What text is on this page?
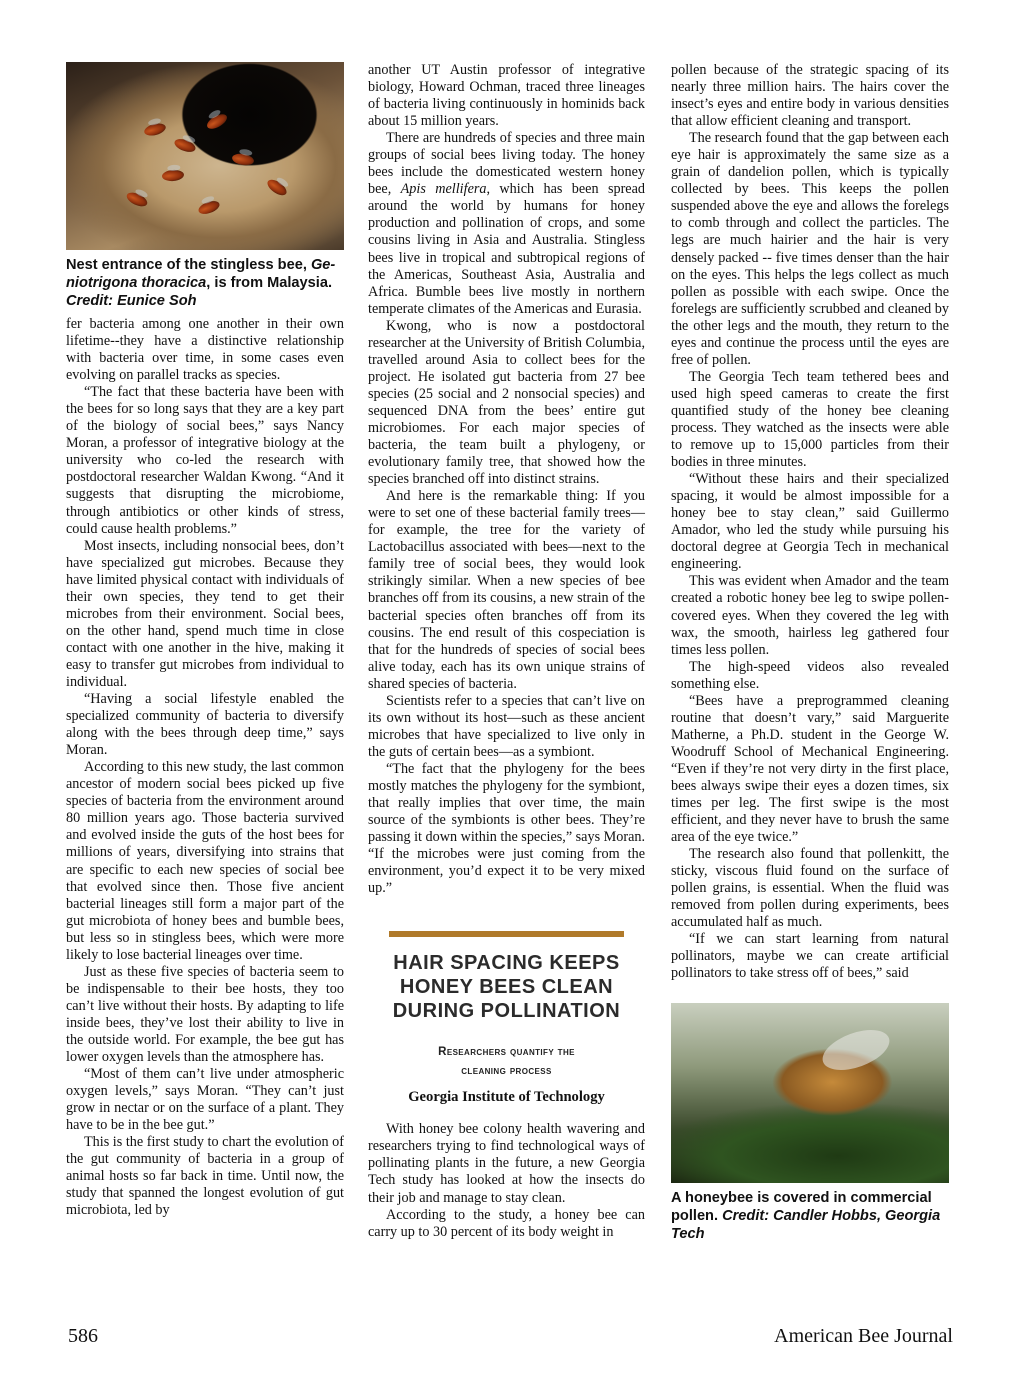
Nest entrance of the stingless bee, Ge-niotrigona thoracica, is from Malaysia. Credit: Eunice Soh

fer bacteria among one another in their own lifetime--they have a distinctive relationship with bacteria over time, in some cases even evolving on parallel tracks as species.

“The fact that these bacteria have been with the bees for so long says that they are a key part of the biology of social bees,” says Nancy Moran, a professor of integrative biology at the university who co-led the research with postdoctoral researcher Waldan Kwong. “And it suggests that disrupting the microbiome, through antibiotics or other kinds of stress, could cause health problems.”

Most insects, including nonsocial bees, don’t have specialized gut microbes. Because they have limited physical contact with individuals of their own species, they tend to get their microbes from their environment. Social bees, on the other hand, spend much time in close contact with one another in the hive, making it easy to transfer gut microbes from individual to individual.

“Having a social lifestyle enabled the specialized community of bacteria to diversify along with the bees through deep time,” says Moran.

According to this new study, the last common ancestor of modern social bees picked up five species of bacteria from the environment around 80 million years ago. Those bacteria survived and evolved inside the guts of the host bees for millions of years, diversifying into strains that are specific to each new species of social bee that evolved since then. Those five ancient bacterial lineages still form a major part of the gut microbiota of honey bees and bumble bees, but less so in stingless bees, which were more likely to lose bacterial lineages over time.

Just as these five species of bacteria seem to be indispensable to their bee hosts, they too can’t live without their hosts. By adapting to life inside bees, they’ve lost their ability to live in the outside world. For example, the bee gut has lower oxygen levels than the atmosphere has.

“Most of them can’t live under atmospheric oxygen levels,” says Moran. “They can’t just grow in nectar or on the surface of a plant. They have to be in the bee gut.”

This is the first study to chart the evolution of the gut community of bacteria in a group of animal hosts so far back in time. Until now, the study that spanned the longest evolution of gut microbiota, led by

another UT Austin professor of integrative biology, Howard Ochman, traced three lineages of bacteria living continuously in hominids back about 15 million years.

There are hundreds of species and three main groups of social bees living today. The honey bees include the domesticated western honey bee, Apis mellifera, which has been spread around the world by humans for honey production and pollination of crops, and some cousins living in Asia and Australia. Stingless bees live in tropical and subtropical regions of the Americas, Southeast Asia, Australia and Africa. Bumble bees live mostly in northern temperate climates of the Americas and Eurasia.

Kwong, who is now a postdoctoral researcher at the University of British Columbia, travelled around Asia to collect bees for the project. He isolated gut bacteria from 27 bee species (25 social and 2 nonsocial species) and sequenced DNA from the bees’ entire gut microbiomes. For each major species of bacteria, the team built a phylogeny, or evolutionary family tree, that showed how the species branched off into distinct strains.

And here is the remarkable thing: If you were to set one of these bacterial family trees—for example, the tree for the variety of Lactobacillus associated with bees—next to the family tree of social bees, they would look strikingly similar. When a new species of bee branches off from its cousins, a new strain of the bacterial species often branches off from its cousins. The end result of this cospeciation is that for the hundreds of species of social bees alive today, each has its own unique strains of shared species of bacteria.

Scientists refer to a species that can’t live on its own without its host—such as these ancient microbes that have specialized to live only in the guts of certain bees—as a symbiont.

“The fact that the phylogeny for the bees mostly matches the phylogeny for the symbiont, that really implies that over time, the main source of the symbionts is other bees. They’re passing it down within the species,” says Moran. “If the microbes were just coming from the environment, you’d expect it to be very mixed up.”

HAIR SPACING KEEPS
HONEY BEES CLEAN
DURING POLLINATION
Researchers quantify the
cleaning process
Georgia Institute of Technology

With honey bee colony health wavering and researchers trying to find technological ways of pollinating plants in the future, a new Georgia Tech study has looked at how the insects do their job and manage to stay clean.

According to the study, a honey bee can carry up to 30 percent of its body weight in

pollen because of the strategic spacing of its nearly three million hairs. The hairs cover the insect’s eyes and entire body in various densities that allow efficient cleaning and transport.

The research found that the gap between each eye hair is approximately the same size as a grain of dandelion pollen, which is typically collected by bees. This keeps the pollen suspended above the eye and allows the forelegs to comb through and collect the particles. The legs are much hairier and the hair is very densely packed -- five times denser than the hair on the eyes. This helps the legs collect as much pollen as possible with each swipe. Once the forelegs are sufficiently scrubbed and cleaned by the other legs and the mouth, they return to the eyes and continue the process until the eyes are free of pollen.

The Georgia Tech team tethered bees and used high speed cameras to create the first quantified study of the honey bee cleaning process. They watched as the insects were able to remove up to 15,000 particles from their bodies in three minutes.

“Without these hairs and their specialized spacing, it would be almost impossible for a honey bee to stay clean,” said Guillermo Amador, who led the study while pursuing his doctoral degree at Georgia Tech in mechanical engineering.

This was evident when Amador and the team created a robotic honey bee leg to swipe pollen-covered eyes. When they covered the leg with wax, the smooth, hairless leg gathered four times less pollen.

The high-speed videos also revealed something else.

“Bees have a preprogrammed cleaning routine that doesn’t vary,” said Marguerite Matherne, a Ph.D. student in the George W. Woodruff School of Mechanical Engineering. “Even if they’re not very dirty in the first place, bees always swipe their eyes a dozen times, six times per leg. The first swipe is the most efficient, and they never have to brush the same area of the eye twice.”

The research also found that pollenkitt, the sticky, viscous fluid found on the surface of pollen grains, is essential. When the fluid was removed from pollen during experiments, bees accumulated half as much.

“If we can start learning from natural pollinators, maybe we can create artificial pollinators to take stress off of bees,” said

A honeybee is covered in commercial pollen. Credit: Candler Hobbs, Georgia Tech
586	American Bee Journal
